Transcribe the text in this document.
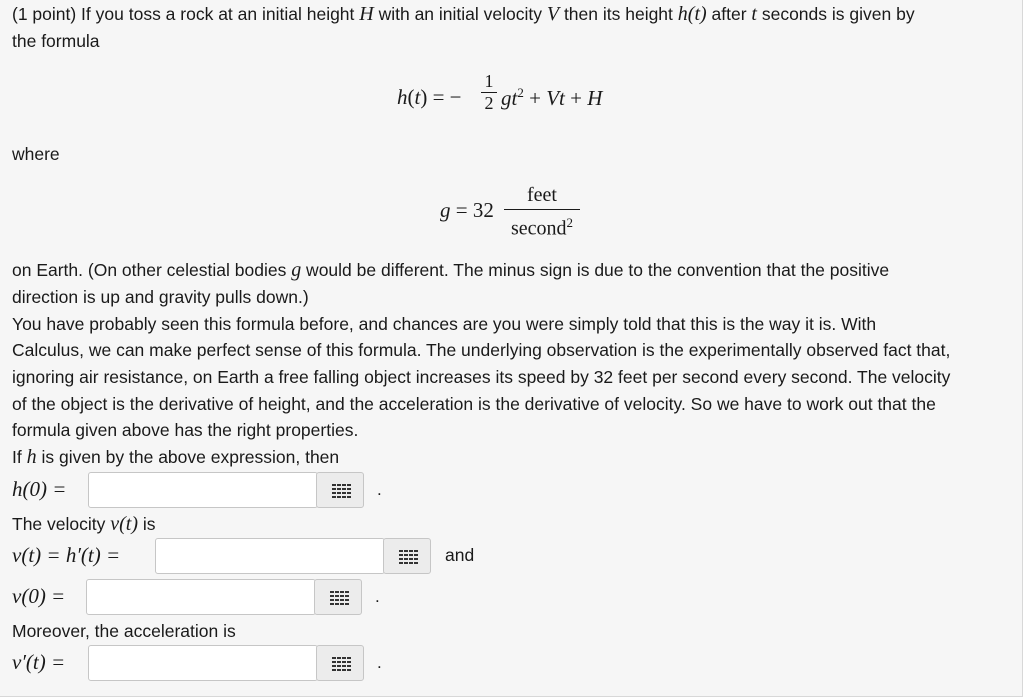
(1 point) If you toss a rock at an initial height H with an initial velocity V then its height h(t) after t seconds is given by
the formula
h(t) = −
1
2 $gt^2 + Vt + H$
where
g = 32
feet
second$^2$
on Earth. (On other celestial bodies g would be different. The minus sign is due to the convention that the positive
direction is up and gravity pulls down.)
You have probably seen this formula before, and chances are you were simply told that this is the way it is. With
Calculus, we can make perfect sense of this formula. The underlying observation is the experimentally observed fact that,
ignoring air resistance, on Earth a free falling object increases its speed by 32 feet per second every second. The velocity
of the object is the derivative of height, and the acceleration is the derivative of velocity. So we have to work out that the
formula given above has the right properties.
If h is given by the above expression, then
h(0) =	.
The velocity v(t) is
v(t) = h′(t) =	and
v(0) =	.
Moreover, the acceleration is
v′(t) =	.
